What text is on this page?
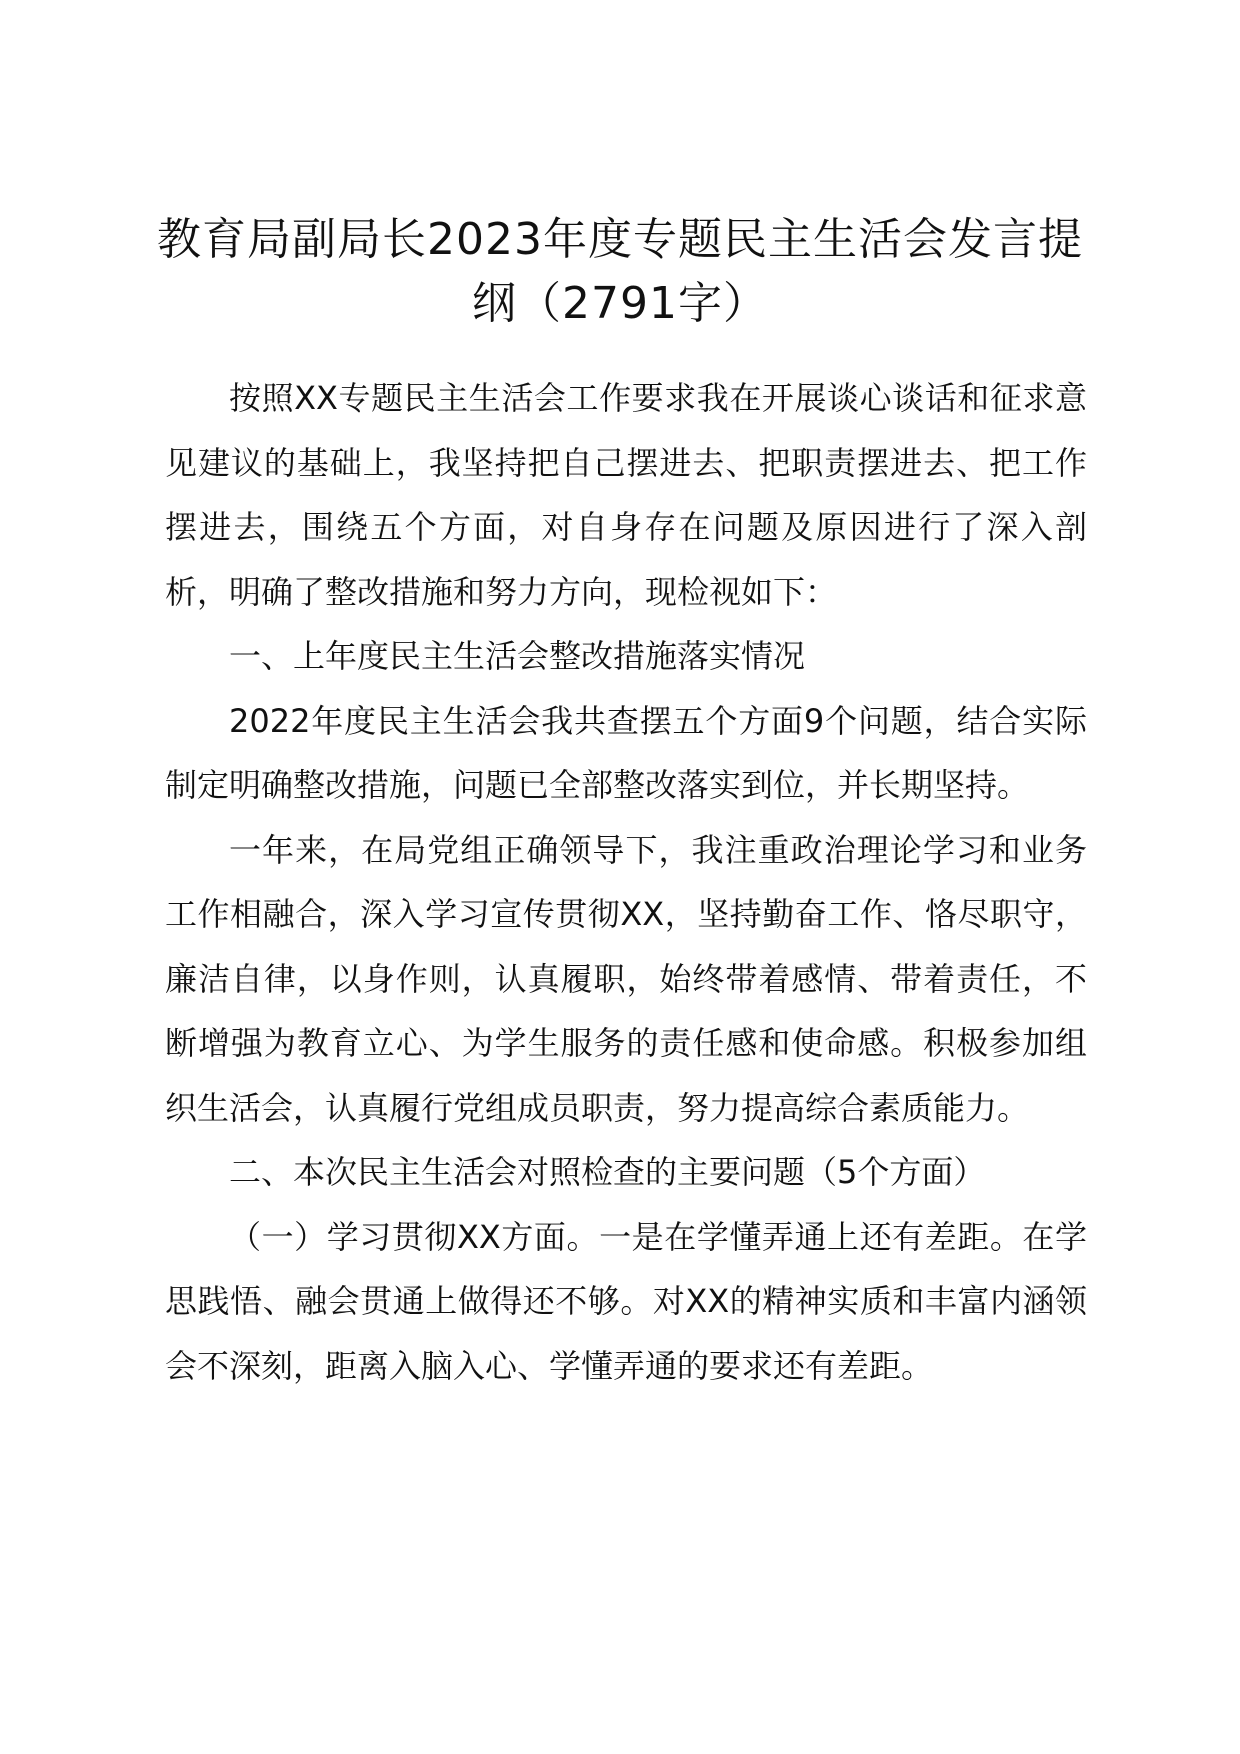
教育局副局长2023年度专题民主生活会发言提纲（2791字）

按照XX专题民主生活会工作要求我在开展谈心谈话和征求意见建议的基础上，我坚持把自己摆进去、把职责摆进去、把工作摆进去，围绕五个方面，对自身存在问题及原因进行了深入剖析，明确了整改措施和努力方向，现检视如下：

一、上年度民主生活会整改措施落实情况

2022年度民主生活会我共查摆五个方面9个问题，结合实际制定明确整改措施，问题已全部整改落实到位，并长期坚持。

一年来，在局党组正确领导下，我注重政治理论学习和业务工作相融合，深入学习宣传贯彻XX，坚持勤奋工作、恪尽职守，廉洁自律，以身作则，认真履职，始终带着感情、带着责任，不断增强为教育立心、为学生服务的责任感和使命感。积极参加组织生活会，认真履行党组成员职责，努力提高综合素质能力。

二、本次民主生活会对照检查的主要问题（5个方面）

（一）学习贯彻XX方面。一是在学懂弄通上还有差距。在学思践悟、融会贯通上做得还不够。对XX的精神实质和丰富内涵领会不深刻，距离入脑入心、学懂弄通的要求还有差距。
